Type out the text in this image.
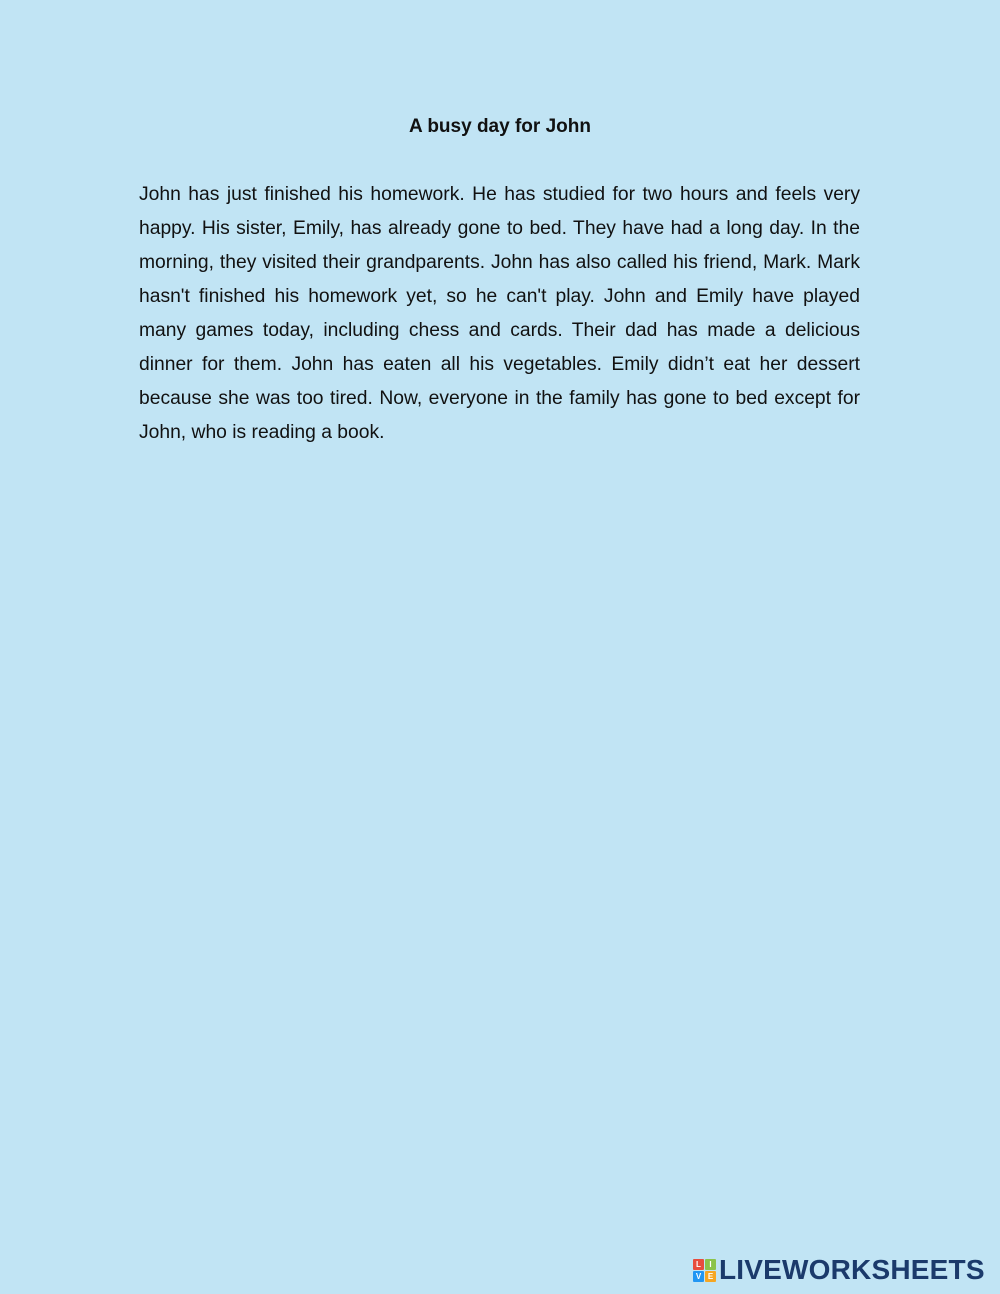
A busy day for John

John has just finished his homework. He has studied for two hours and feels very happy. His sister, Emily, has already gone to bed. They have had a long day. In the morning, they visited their grandparents. John has also called his friend, Mark. Mark hasn't finished his homework yet, so he can't play. John and Emily have played many games today, including chess and cards. Their dad has made a delicious dinner for them. John has eaten all his vegetables. Emily didn’t eat her dessert because she was too tired. Now, everyone in the family has gone to bed except for John, who is reading a book.

L	I
V E LIVEWORKSHEETS
